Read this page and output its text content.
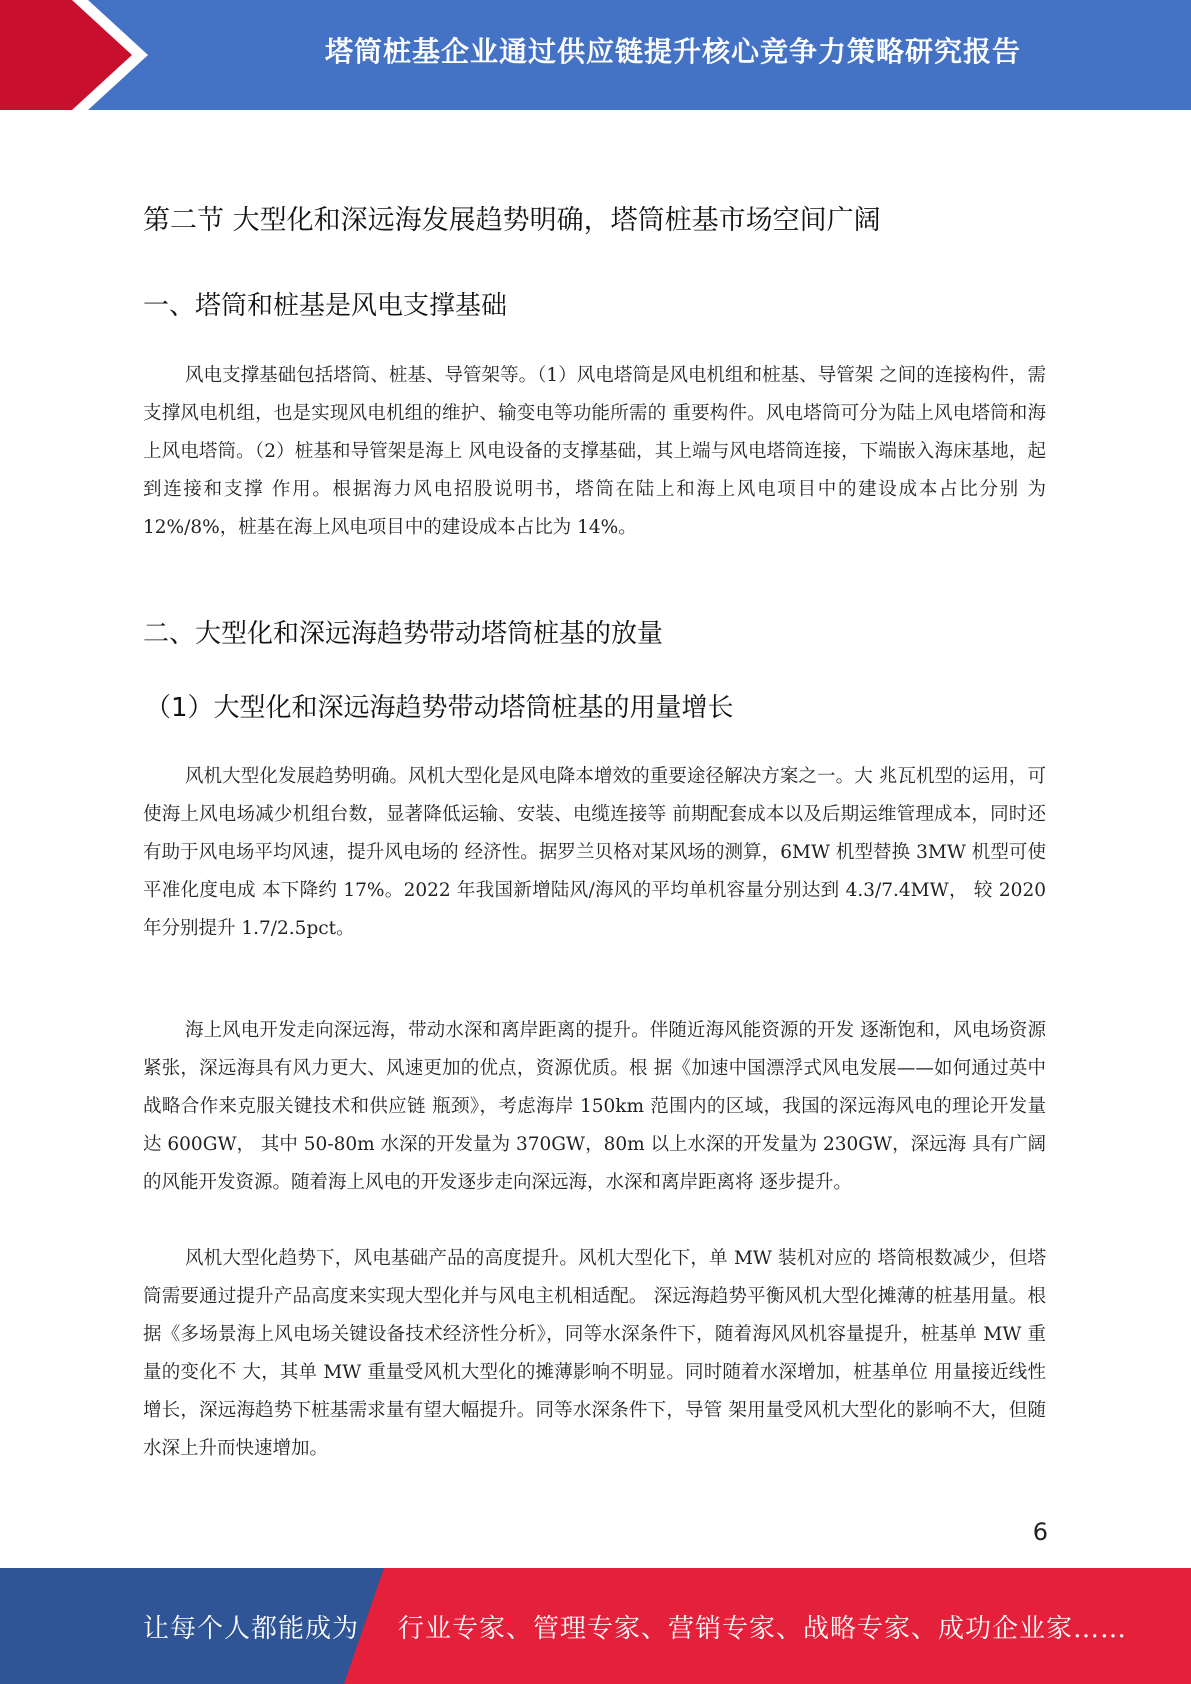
塔筒桩基企业通过供应链提升核心竞争力策略研究报告
第二节 大型化和深远海发展趋势明确，塔筒桩基市场空间广阔
一、塔筒和桩基是风电支撑基础

风电支撑基础包括塔筒、桩基、导管架等。（1）风电塔筒是风电机组和桩基、导管架 之间的连接构件，需支撑风电机组，也是实现风电机组的维护、输变电等功能所需的 重要构件。风电塔筒可分为陆上风电塔筒和海上风电塔筒。（2）桩基和导管架是海上 风电设备的支撑基础，其上端与风电塔筒连接，下端嵌入海床基地，起到连接和支撑 作用。根据海力风电招股说明书，塔筒在陆上和海上风电项目中的建设成本占比分别 为 12%/8%，桩基在海上风电项目中的建设成本占比为 14%。

二、大型化和深远海趋势带动塔筒桩基的放量
（1）大型化和深远海趋势带动塔筒桩基的用量增长

风机大型化发展趋势明确。风机大型化是风电降本增效的重要途径解决方案之一。大 兆瓦机型的运用，可使海上风电场减少机组台数，显著降低运输、安装、电缆连接等 前期配套成本以及后期运维管理成本，同时还有助于风电场平均风速，提升风电场的 经济性。据罗兰贝格对某风场的测算，6MW 机型替换 3MW 机型可使平准化度电成 本下降约 17%。2022 年我国新增陆风/海风的平均单机容量分别达到 4.3/7.4MW， 较 2020 年分别提升 1.7/2.5pct。

海上风电开发走向深远海，带动水深和离岸距离的提升。伴随近海风能资源的开发 逐渐饱和，风电场资源紧张，深远海具有风力更大、风速更加的优点，资源优质。根 据《加速中国漂浮式风电发展——如何通过英中战略合作来克服关键技术和供应链 瓶颈》，考虑海岸 150km 范围内的区域，我国的深远海风电的理论开发量达 600GW， 其中 50-80m 水深的开发量为 370GW，80m 以上水深的开发量为 230GW，深远海 具有广阔的风能开发资源。随着海上风电的开发逐步走向深远海，水深和离岸距离将 逐步提升。

风机大型化趋势下，风电基础产品的高度提升。风机大型化下，单 MW 装机对应的 塔筒根数减少，但塔筒需要通过提升产品高度来实现大型化并与风电主机相适配。 深远海趋势平衡风机大型化摊薄的桩基用量。根据《多场景海上风电场关键设备技术经济性分析》，同等水深条件下，随着海风风机容量提升，桩基单 MW 重量的变化不 大，其单 MW 重量受风机大型化的摊薄影响不明显。同时随着水深增加，桩基单位 用量接近线性增长，深远海趋势下桩基需求量有望大幅提升。同等水深条件下，导管 架用量受风机大型化的影响不大，但随水深上升而快速增加。

6
让每个人都能成为 行业专家、管理专家、营销专家、战略专家、成功企业家……
